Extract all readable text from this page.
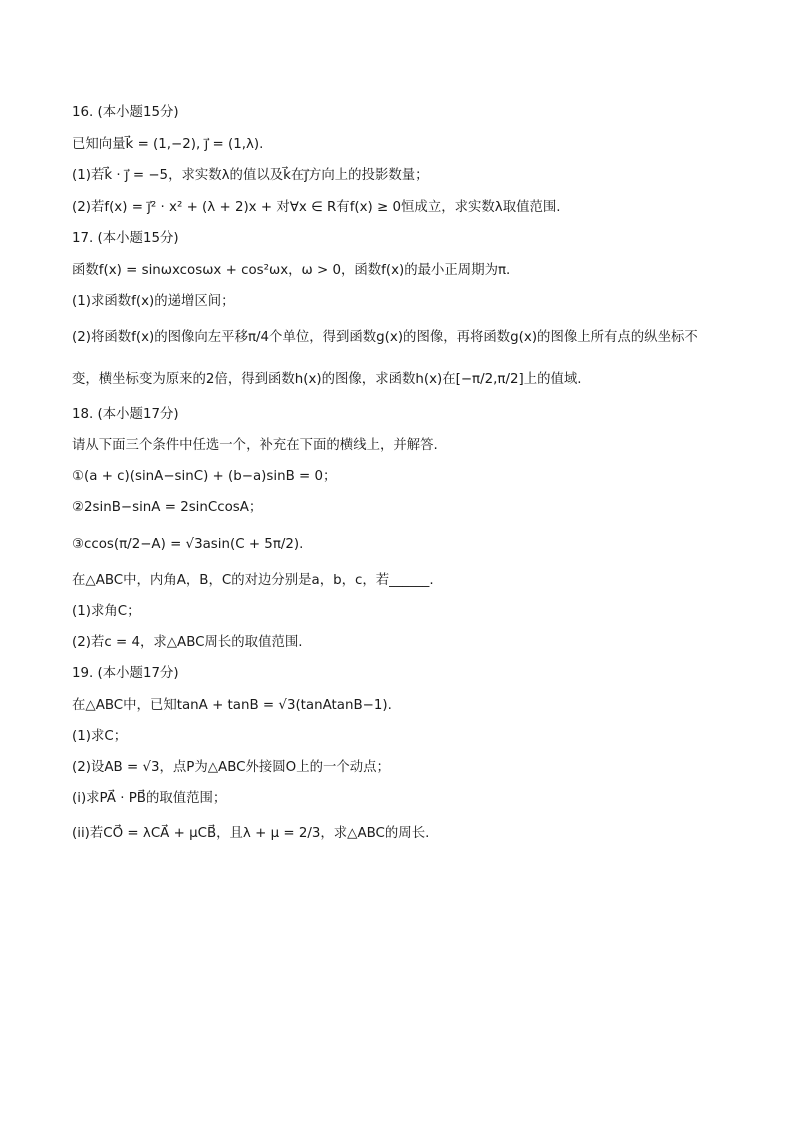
16. (本小题15分)
已知向量k⃗ = (1,−2), j⃗ = (1,λ).
(1)若k⃗ · j⃗ = −5，求实数λ的值以及k⃗在j⃗方向上的投影数量；
(2)若f(x) = j⃗² · x² + (λ + 2)x + 对∀x ∈ R有f(x) ≥ 0恒成立，求实数λ取值范围.
17. (本小题15分)
函数f(x) = sinωxcosωx + cos²ωx，ω > 0，函数f(x)的最小正周期为π.
(1)求函数f(x)的递增区间；
(2)将函数f(x)的图像向左平移π/4个单位，得到函数g(x)的图像，再将函数g(x)的图像上所有点的纵坐标不
变，横坐标变为原来的2倍，得到函数h(x)的图像，求函数h(x)在[−π/2,π/2]上的值域.
18. (本小题17分)
请从下面三个条件中任选一个，补充在下面的横线上，并解答.
①(a + c)(sinA−sinC) + (b−a)sinB = 0；
②2sinB−sinA = 2sinCcosA；
③ccos(π/2−A) = √3asin(C + 5π/2).
在△ABC中，内角A，B，C的对边分别是a，b，c，若______.
(1)求角C；
(2)若c = 4，求△ABC周长的取值范围.
19. (本小题17分)
在△ABC中，已知tanA + tanB = √3(tanAtanB−1).
(1)求C；
(2)设AB = √3，点P为△ABC外接圆O上的一个动点；
(i)求PA⃗ · PB⃗的取值范围；
(ii)若CO⃗ = λCA⃗ + μCB⃗，且λ + μ = 2/3，求△ABC的周长.
